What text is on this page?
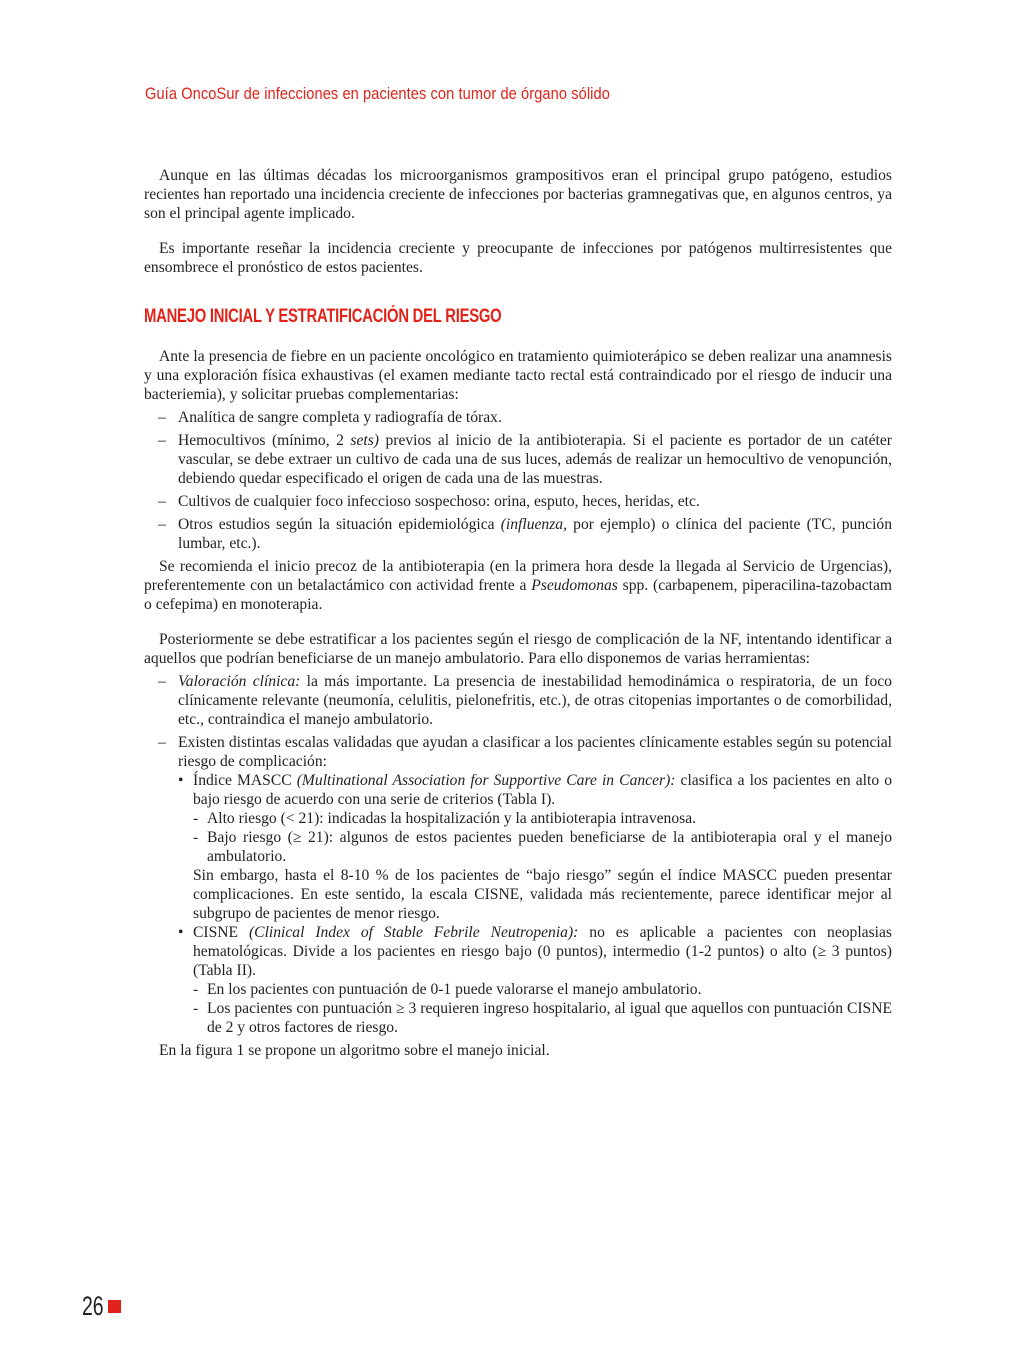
Guía OncoSur de infecciones en pacientes con tumor de órgano sólido

Aunque en las últimas décadas los microorganismos grampositivos eran el principal grupo patógeno, estudios recientes han reportado una incidencia creciente de infecciones por bacterias gramnegativas que, en algunos centros, ya son el principal agente implicado.

Es importante reseñar la incidencia creciente y preocupante de infecciones por patógenos multirresistentes que ensombrece el pronóstico de estos pacientes.

MANEJO INICIAL Y ESTRATIFICACIÓN DEL RIESGO

Ante la presencia de fiebre en un paciente oncológico en tratamiento quimioterápico se deben realizar una anamnesis y una exploración física exhaustivas (el examen mediante tacto rectal está contraindicado por el riesgo de inducir una bacteriemia), y solicitar pruebas complementarias:

– Analítica de sangre completa y radiografía de tórax.
– Hemocultivos (mínimo, 2 sets) previos al inicio de la antibioterapia. Si el paciente es portador de un catéter vascular, se debe extraer un cultivo de cada una de sus luces, además de realizar un hemocultivo de venopunción, debiendo quedar especificado el origen de cada una de las muestras.
– Cultivos de cualquier foco infeccioso sospechoso: orina, esputo, heces, heridas, etc.
– Otros estudios según la situación epidemiológica (influenza, por ejemplo) o clínica del paciente (TC, punción lumbar, etc.).

Se recomienda el inicio precoz de la antibioterapia (en la primera hora desde la llegada al Servicio de Urgencias), preferentemente con un betalactámico con actividad frente a Pseudomonas spp. (carbapenem, piperacilina-tazobactam o cefepima) en monoterapia.

Posteriormente se debe estratificar a los pacientes según el riesgo de complicación de la NF, intentando identificar a aquellos que podrían beneficiarse de un manejo ambulatorio. Para ello disponemos de varias herramientas:

– Valoración clínica: la más importante. La presencia de inestabilidad hemodinámica o respiratoria, de un foco clínicamente relevante (neumonía, celulitis, pielonefritis, etc.), de otras citopenias importantes o de comorbilidad, etc., contraindica el manejo ambulatorio.
– Existen distintas escalas validadas que ayudan a clasificar a los pacientes clínicamente estables según su potencial riesgo de complicación:
• Índice MASCC (Multinational Association for Supportive Care in Cancer): clasifica a los pacientes en alto o bajo riesgo de acuerdo con una serie de criterios (Tabla I).
- Alto riesgo (< 21): indicadas la hospitalización y la antibioterapia intravenosa.
- Bajo riesgo (≥ 21): algunos de estos pacientes pueden beneficiarse de la antibioterapia oral y el manejo ambulatorio.

Sin embargo, hasta el 8-10 % de los pacientes de “bajo riesgo” según el índice MASCC pueden presentar complicaciones. En este sentido, la escala CISNE, validada más recientemente, parece identificar mejor al subgrupo de pacientes de menor riesgo.

• CISNE (Clinical Index of Stable Febrile Neutropenia): no es aplicable a pacientes con neoplasias hematológicas. Divide a los pacientes en riesgo bajo (0 puntos), intermedio (1-2 puntos) o alto (≥ 3 puntos) (Tabla II).
- En los pacientes con puntuación de 0-1 puede valorarse el manejo ambulatorio.
- Los pacientes con puntuación ≥ 3 requieren ingreso hospitalario, al igual que aquellos con puntuación CISNE de 2 y otros factores de riesgo.

En la figura 1 se propone un algoritmo sobre el manejo inicial.

26
